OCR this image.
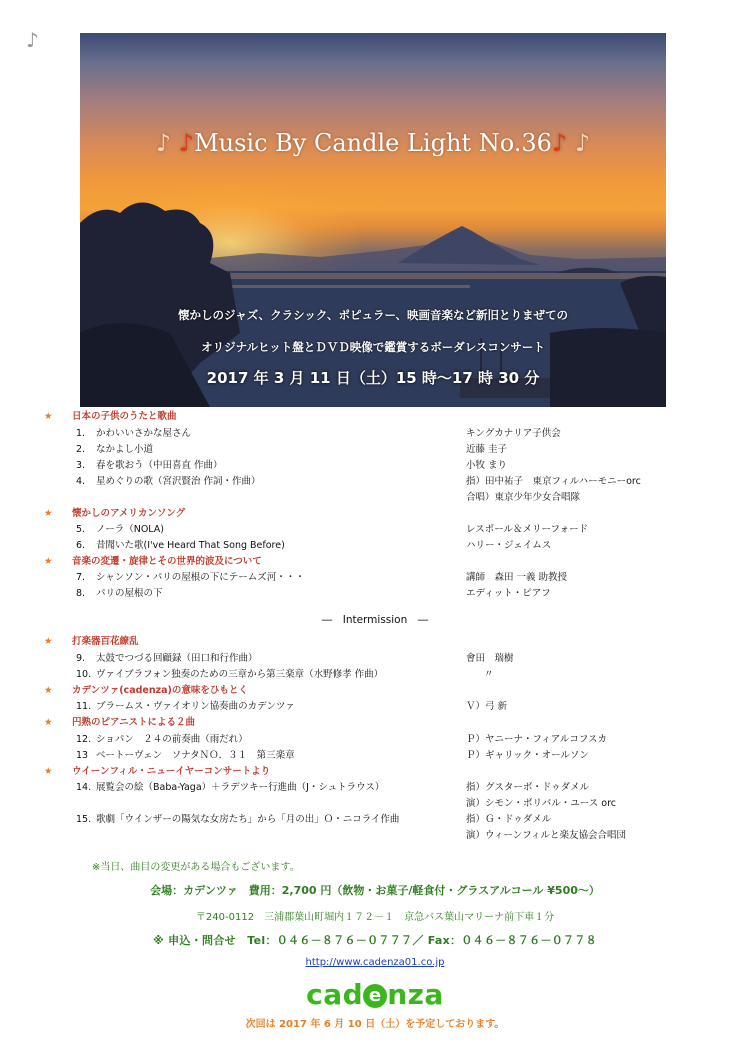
♪
♪ ♪Music By Candle Light No.36♪ ♪
懐かしのジャズ、クラシック、ポピュラー、映画音楽など新旧とりまぜての
オリジナルヒット盤とＤＶＤ映像で鑑賞するボーダレスコンサート
2017 年 3 月 11 日（土）15 時～17 時 30 分
★ 日本の子供のうたと歌曲
1. かわいいさかな屋さん	キングカナリア子供会
2. なかよし小道	近藤 圭子
3. 春を歌おう（中田喜直 作曲）	小牧 まり
4. 星めぐりの歌（宮沢賢治 作詞・作曲）	指）田中祐子　東京フィルハーモニーorc
合唱）東京少年少女合唱隊
★ 懐かしのアメリカンソング
5. ノーラ（NOLA)	レスポール＆メリーフォード
6. 昔聞いた歌(I've Heard That Song Before)	ハリー・ジェイムス
★ 音楽の変遷・旋律とその世界的波及について
7. シャンソン・パリの屋根の下にテームズ河・・・	講師　森田 一義 助教授
8. パリの屋根の下	エディット・ピアフ
―　Intermission　―
★ 打楽器百花繚乱
9. 太鼓でつづる回顧録（田口和行作曲）	會田　瑞樹
10. ヴァイブラフォン独奏のための三章から第三楽章（水野修孝 作曲）	〃
★ カデンツァ(cadenza)の意味をひもとく
11. ブラームス・ヴァイオリン協奏曲のカデンツァ	Ｖ）弓 新
★ 円熟のピアニストによる２曲
12. ショパン　２４の前奏曲（雨だれ）	Ｐ）ヤニーナ・フィアルコフスカ
13 ベートーヴェン　ソナタＮＯ．３１　第三楽章	Ｐ）ギャリック・オールソン
★ ウイーンフィル・ニューイヤーコンサートより
14. 展覧会の絵（Baba-Yaga）＋ラデツキー行進曲（J・シュトラウス）	指）グスターボ・ドゥダメル
演）シモン・ボリバル・ユース orc
15. 歌劇「ウインザーの陽気な女房たち」から「月の出」Ｏ・ニコライ作曲	指）Ｇ・ドゥダメル
演）ウィーンフィルと楽友協会合唱団
※当日、曲目の変更がある場合もございます。
会場：カデンツァ　費用：2,700 円（飲物・お菓子/軽食付・グラスアルコール ¥500～）
〒240-0112　三浦郡葉山町堀内１７２－１　京急バス葉山マリーナ前下車１分
※ 申込・問合せ　Tel：０４６－８７６－０７７７／ Fax：０４６－８７６－０７７８
http://www.cadenza01.co.jp
cad e nza
次回は 2017 年 6 月 10 日（土）を予定しております。
